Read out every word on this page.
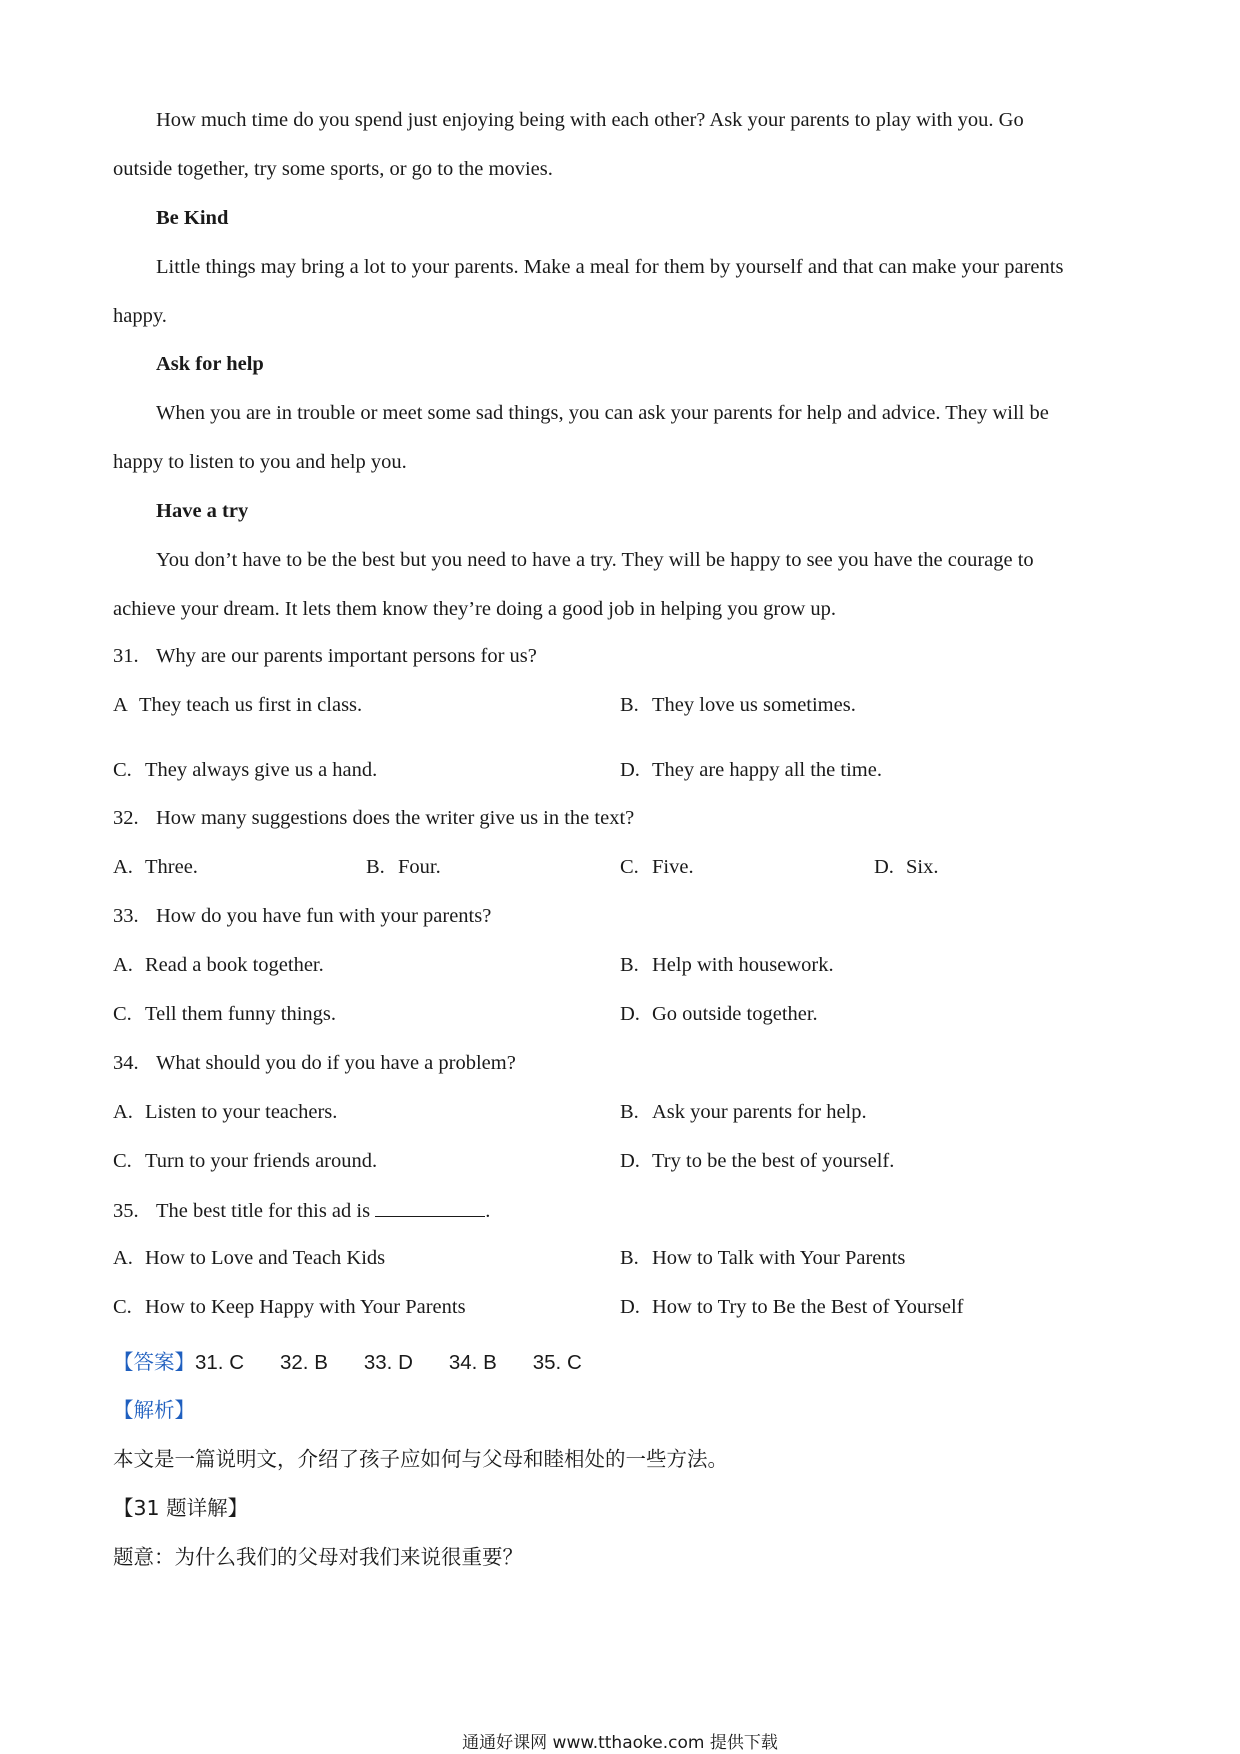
How much time do you spend just enjoying being with each other? Ask your parents to play with you. Go
outside together, try some sports, or go to the movies.
Be Kind
Little things may bring a lot to your parents. Make a meal for them by yourself and that can make your parents
happy.
Ask for help
When you are in trouble or meet some sad things, you can ask your parents for help and advice. They will be
happy to listen to you and help you.
Have a try
You don’t have to be the best but you need to have a try. They will be happy to see you have the courage to
achieve your dream. It lets them know they’re doing a good job in helping you grow up.
31. Why are our parents important persons for us?
A They teach us first in class.	B. They love us sometimes.
C. They always give us a hand.	D. They are happy all the time.
32. How many suggestions does the writer give us in the text?
A. Three.	B. Four.	C. Five.	D. Six.
33. How do you have fun with your parents?
A. Read a book together.	B. Help with housework.
C. Tell them funny things.	D. Go outside together.
34. What should you do if you have a problem?
A. Listen to your teachers.	B. Ask your parents for help.
C. Turn to your friends around.	D. Try to be the best of yourself.
35. The best title for this ad is	.
A. How to Love and Teach Kids	B. How to Talk with Your Parents
C. How to Keep Happy with Your Parents	D. How to Try to Be the Best of Yourself
【答案】31. C 32. B 33. D 34. B 35. C
【解析】
本文是一篇说明文，介绍了孩子应如何与父母和睦相处的一些方法。
【31 题详解】
题意：为什么我们的父母对我们来说很重要？
通通好课网 www.tthaoke.com 提供下载
